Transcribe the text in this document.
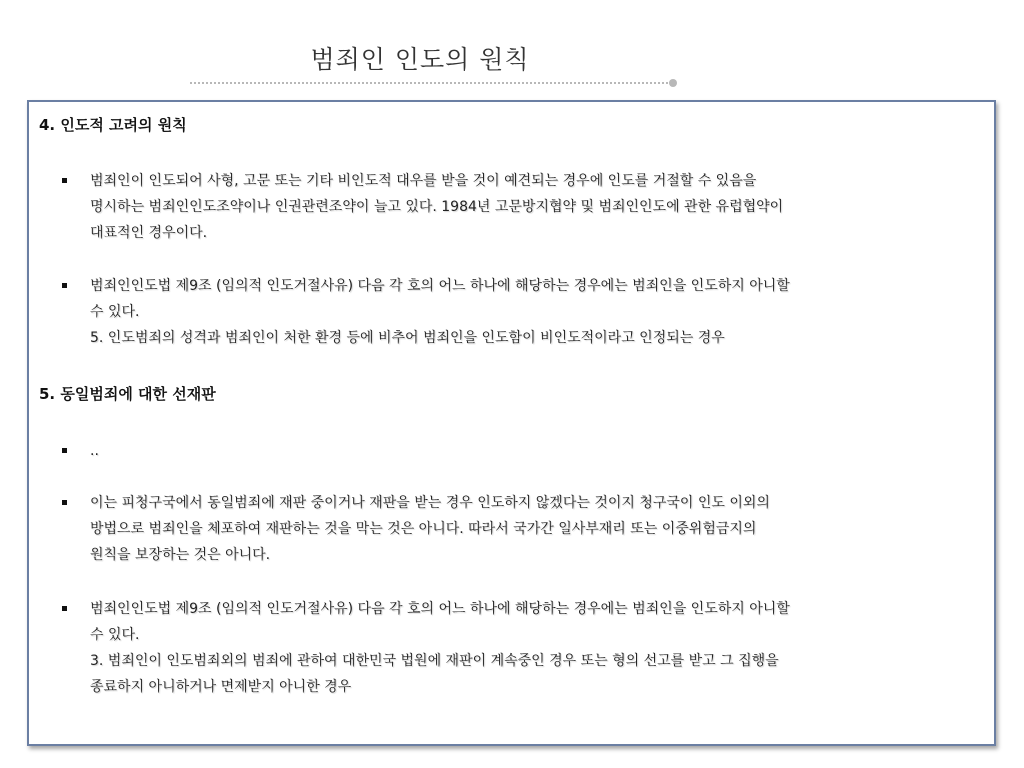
범죄인 인도의 원칙
4. 인도적 고려의 원칙
범죄인이 인도되어 사형, 고문 또는 기타 비인도적 대우를 받을 것이 예견되는 경우에 인도를 거절할 수 있음을
명시하는 범죄인인도조약이나 인권관련조약이 늘고 있다. 1984년 고문방지협약 및 범죄인인도에 관한 유럽협약이
대표적인 경우이다.
범죄인인도법 제9조 (임의적 인도거절사유) 다음 각 호의 어느 하나에 해당하는 경우에는 범죄인을 인도하지 아니할
수 있다.
5. 인도범죄의 성격과 범죄인이 처한 환경 등에 비추어 범죄인을 인도함이 비인도적이라고 인정되는 경우
5. 동일범죄에 대한 선재판
..
이는 피청구국에서 동일범죄에 재판 중이거나 재판을 받는 경우 인도하지 않겠다는 것이지 청구국이 인도 이외의
방법으로 범죄인을 체포하여 재판하는 것을 막는 것은 아니다. 따라서 국가간 일사부재리 또는 이중위험금지의
원칙을 보장하는 것은 아니다.
범죄인인도법 제9조 (임의적 인도거절사유) 다음 각 호의 어느 하나에 해당하는 경우에는 범죄인을 인도하지 아니할
수 있다.
3. 범죄인이 인도범죄외의 범죄에 관하여 대한민국 법원에 재판이 계속중인 경우 또는 형의 선고를 받고 그 집행을
종료하지 아니하거나 면제받지 아니한 경우
